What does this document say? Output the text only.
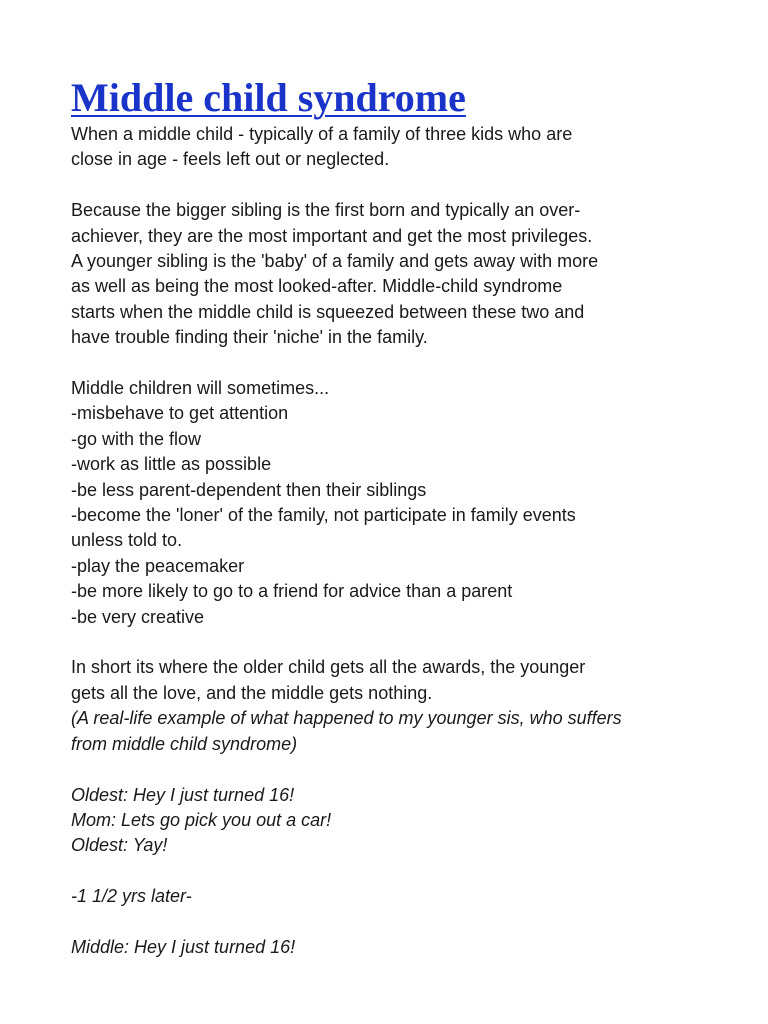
Middle child syndrome

When a middle child - typically of a family of three kids who are
close in age - feels left out or neglected.

Because the bigger sibling is the first born and typically an over-
achiever, they are the most important and get the most privileges.
A younger sibling is the 'baby' of a family and gets away with more
as well as being the most looked-after. Middle-child syndrome
starts when the middle child is squeezed between these two and
have trouble finding their 'niche' in the family.

Middle children will sometimes...
-misbehave to get attention
-go with the flow
-work as little as possible
-be less parent-dependent then their siblings
-become the 'loner' of the family, not participate in family events
unless told to.
-play the peacemaker
-be more likely to go to a friend for advice than a parent
-be very creative

In short its where the older child gets all the awards, the younger
gets all the love, and the middle gets nothing.
(A real-life example of what happened to my younger sis, who suffers
from middle child syndrome)

Oldest: Hey I just turned 16!
Mom: Lets go pick you out a car!
Oldest: Yay!

-1 1/2 yrs later-

Middle: Hey I just turned 16!
